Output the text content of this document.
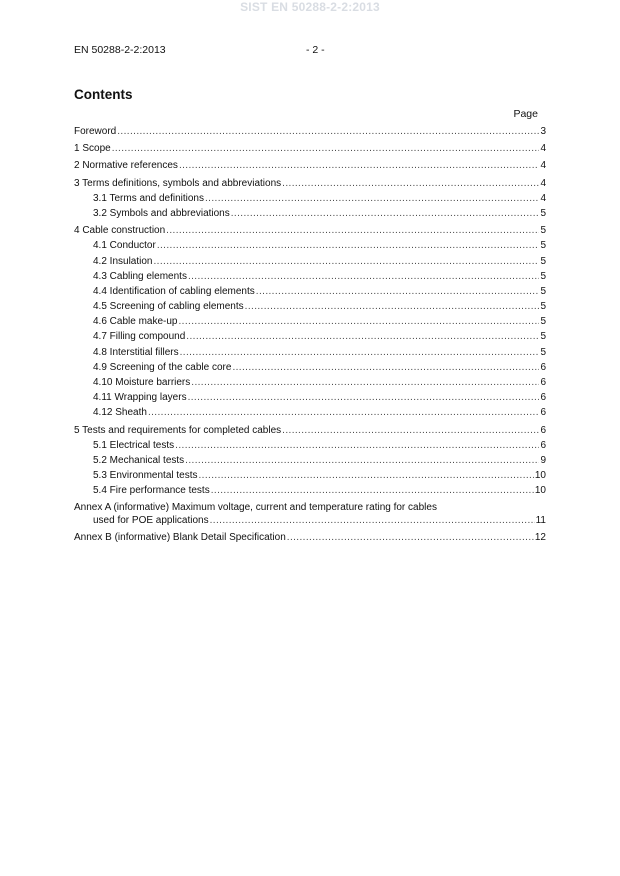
SIST EN 50288-2-2:2013
EN 50288-2-2:2013	- 2 -
Contents
Page
Foreword .....	3
1 Scope .....	4
2 Normative references .....	4
3 Terms definitions, symbols and abbreviations .....	4
3.1 Terms and definitions .....	4
3.2 Symbols and abbreviations .....	5
4 Cable construction .....	5
4.1 Conductor .....	5
4.2 Insulation .....	5
4.3 Cabling elements .....	5
4.4 Identification of cabling elements .....	5
4.5 Screening of cabling elements .....	5
4.6 Cable make-up .....	5
4.7 Filling compound .....	5
4.8 Interstitial fillers .....	5
4.9 Screening of the cable core .....	6
4.10 Moisture barriers .....	6
4.11 Wrapping layers .....	6
4.12 Sheath .....	6
5 Tests and requirements for completed cables .....	6
5.1 Electrical tests .....	6
5.2 Mechanical tests .....	9
5.3 Environmental tests .....	10
5.4 Fire performance tests .....	10
Annex A (informative) Maximum voltage, current and temperature rating for cables
used for POE applications .....	11
Annex B (informative) Blank Detail Specification .....	12
